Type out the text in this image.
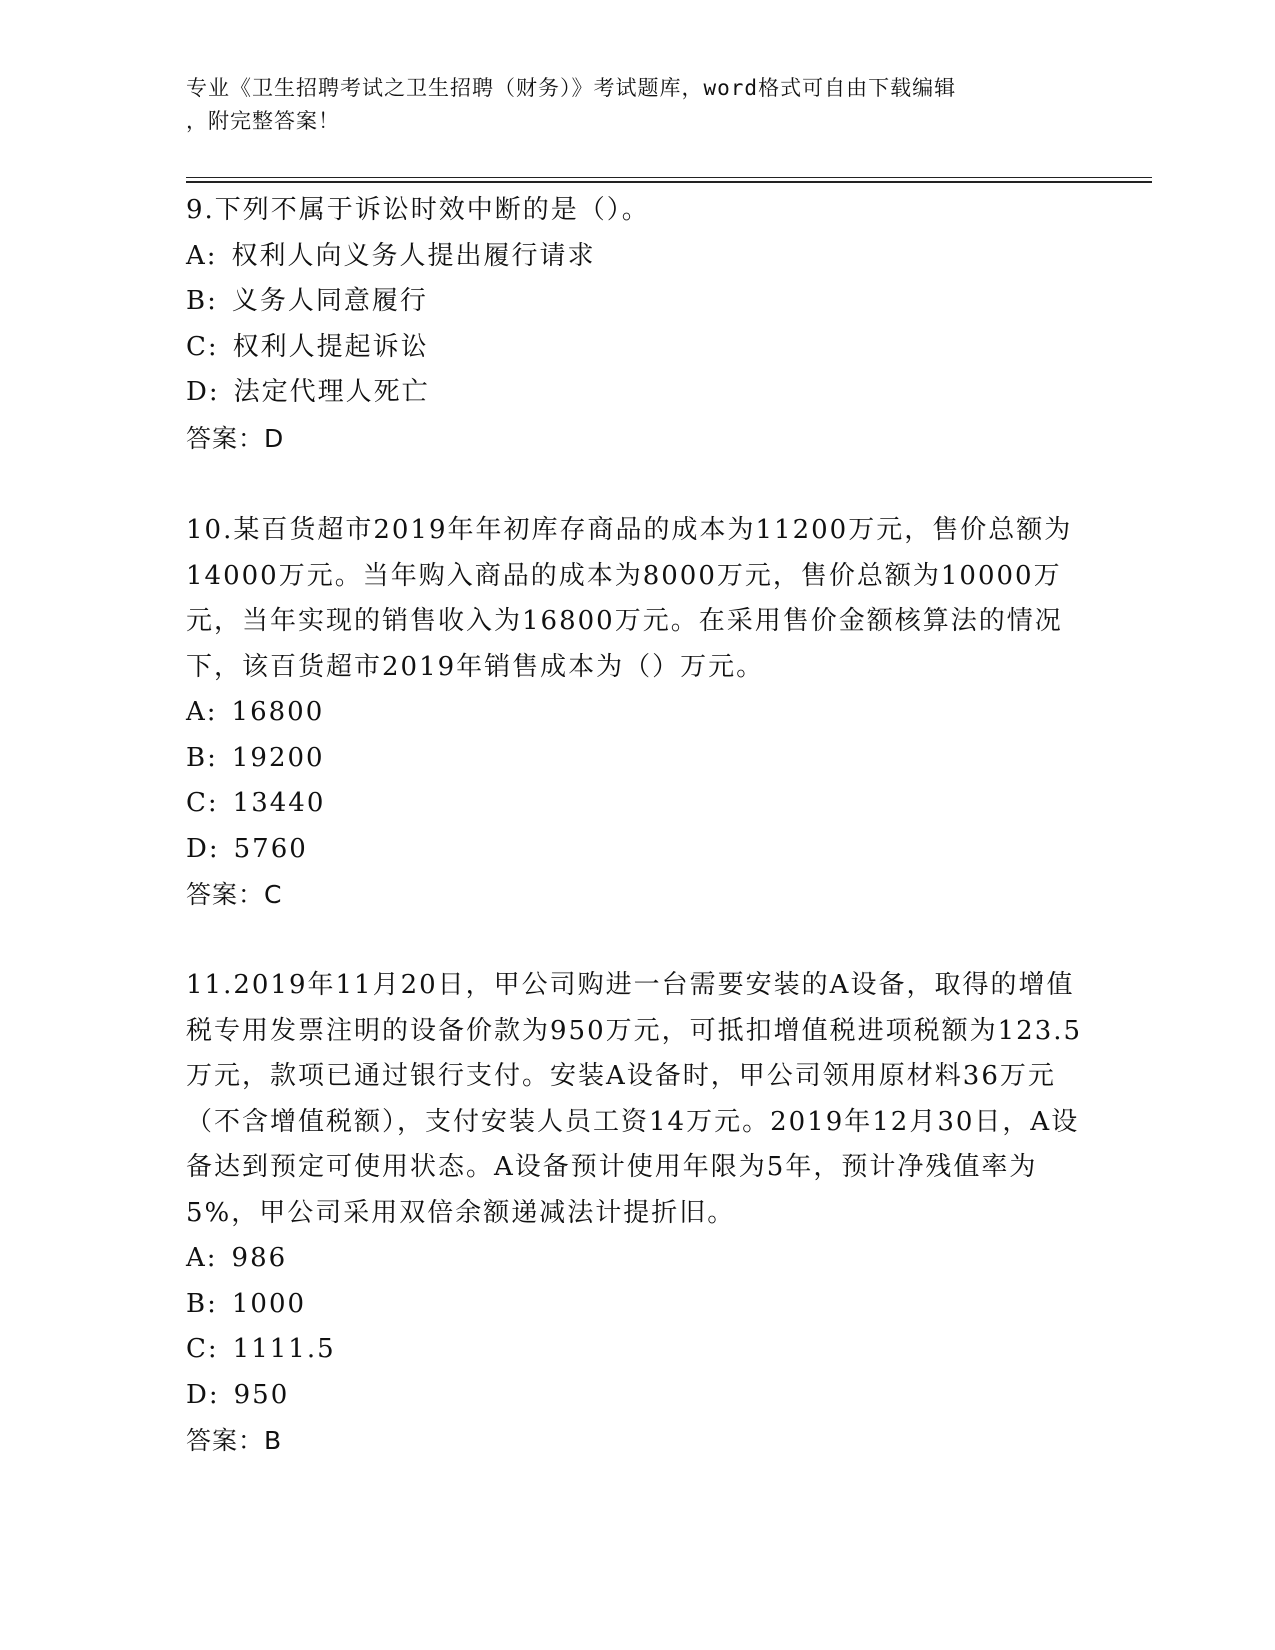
专业《卫生招聘考试之卫生招聘（财务）》考试题库，word格式可自由下载编辑
，附完整答案！

9.下列不属于诉讼时效中断的是（）。

A: 权利人向义务人提出履行请求
B: 义务人同意履行
C: 权利人提起诉讼
D: 法定代理人死亡
答案：D

10.某百货超市2019年年初库存商品的成本为11200万元，售价总额为14000万元。当年购入商品的成本为8000万元，售价总额为10000万元，当年实现的销售收入为16800万元。在采用售价金额核算法的情况下，该百货超市2019年销售成本为（）万元。

A: 16800
B: 19200
C: 13440
D: 5760
答案：C

11.2019年11月20日，甲公司购进一台需要安装的A设备，取得的增值税专用发票注明的设备价款为950万元，可抵扣增值税进项税额为123.5万元，款项已通过银行支付。安装A设备时，甲公司领用原材料36万元（不含增值税额），支付安装人员工资14万元。2019年12月30日，A设备达到预定可使用状态。A设备预计使用年限为5年，预计净残值率为5%，甲公司采用双倍余额递减法计提折旧。

A: 986
B: 1000
C: 1111.5
D: 950
答案：B
